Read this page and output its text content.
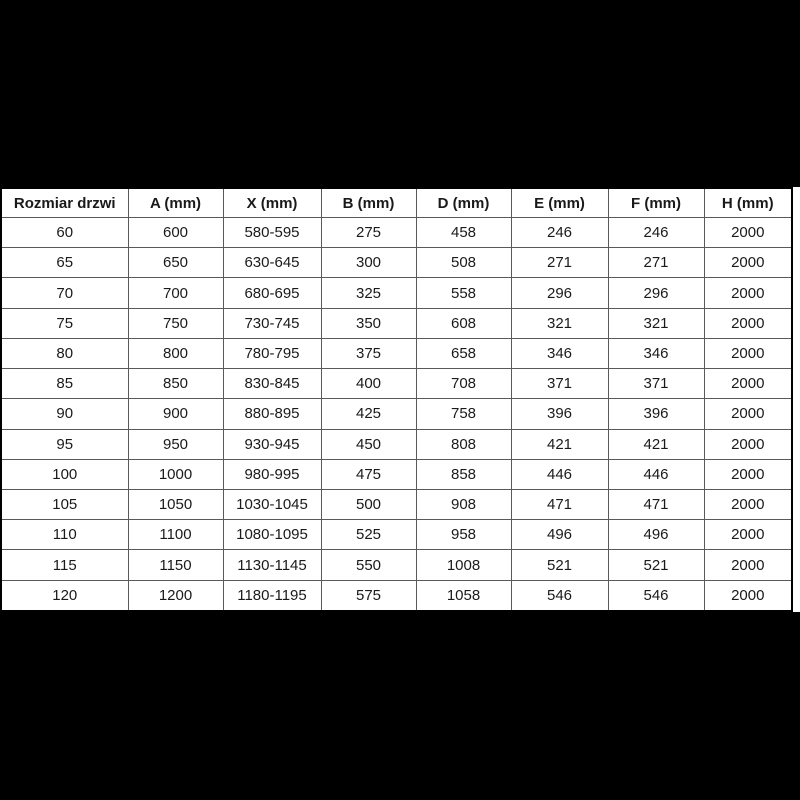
Rozmiar drzwi	A (mm)	X (mm)	B (mm)	D (mm)	E (mm)	F (mm)	H (mm)
60	600	580-595	275	458	246	246	2000
65	650	630-645	300	508	271	271	2000
70	700	680-695	325	558	296	296	2000
75	750	730-745	350	608	321	321	2000
80	800	780-795	375	658	346	346	2000
85	850	830-845	400	708	371	371	2000
90	900	880-895	425	758	396	396	2000
95	950	930-945	450	808	421	421	2000
100	1000	980-995	475	858	446	446	2000
105	1050	1030-1045	500	908	471	471	2000
110	1100	1080-1095	525	958	496	496	2000
115	1150	1130-1145	550	1008	521	521	2000
120	1200	1180-1195	575	1058	546	546	2000
